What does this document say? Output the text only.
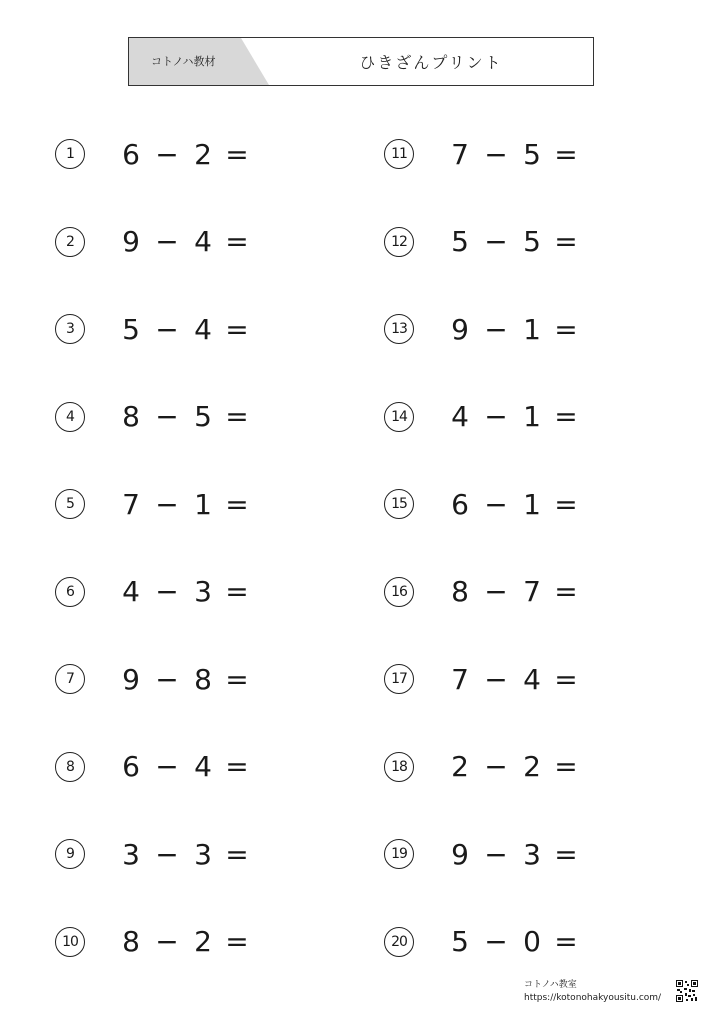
コトノハ教材	ひきざんプリント
1	6 − 2 =
2	9 − 4 =
3	5 − 4 =
4	8 − 5 =
5	7 − 1 =
6	4 − 3 =
7	9 − 8 =
8	6 − 4 =
9	3 − 3 =
10 8 − 2 =
11 7 − 5 =
12 5 − 5 =
13 9 − 1 =
14 4 − 1 =
15 6 − 1 =
16 8 − 7 =
17 7 − 4 =
18 2 − 2 =
19 9 − 3 =
20 5 − 0 =
コトノハ教室
https://kotonohakyousitu.com/
